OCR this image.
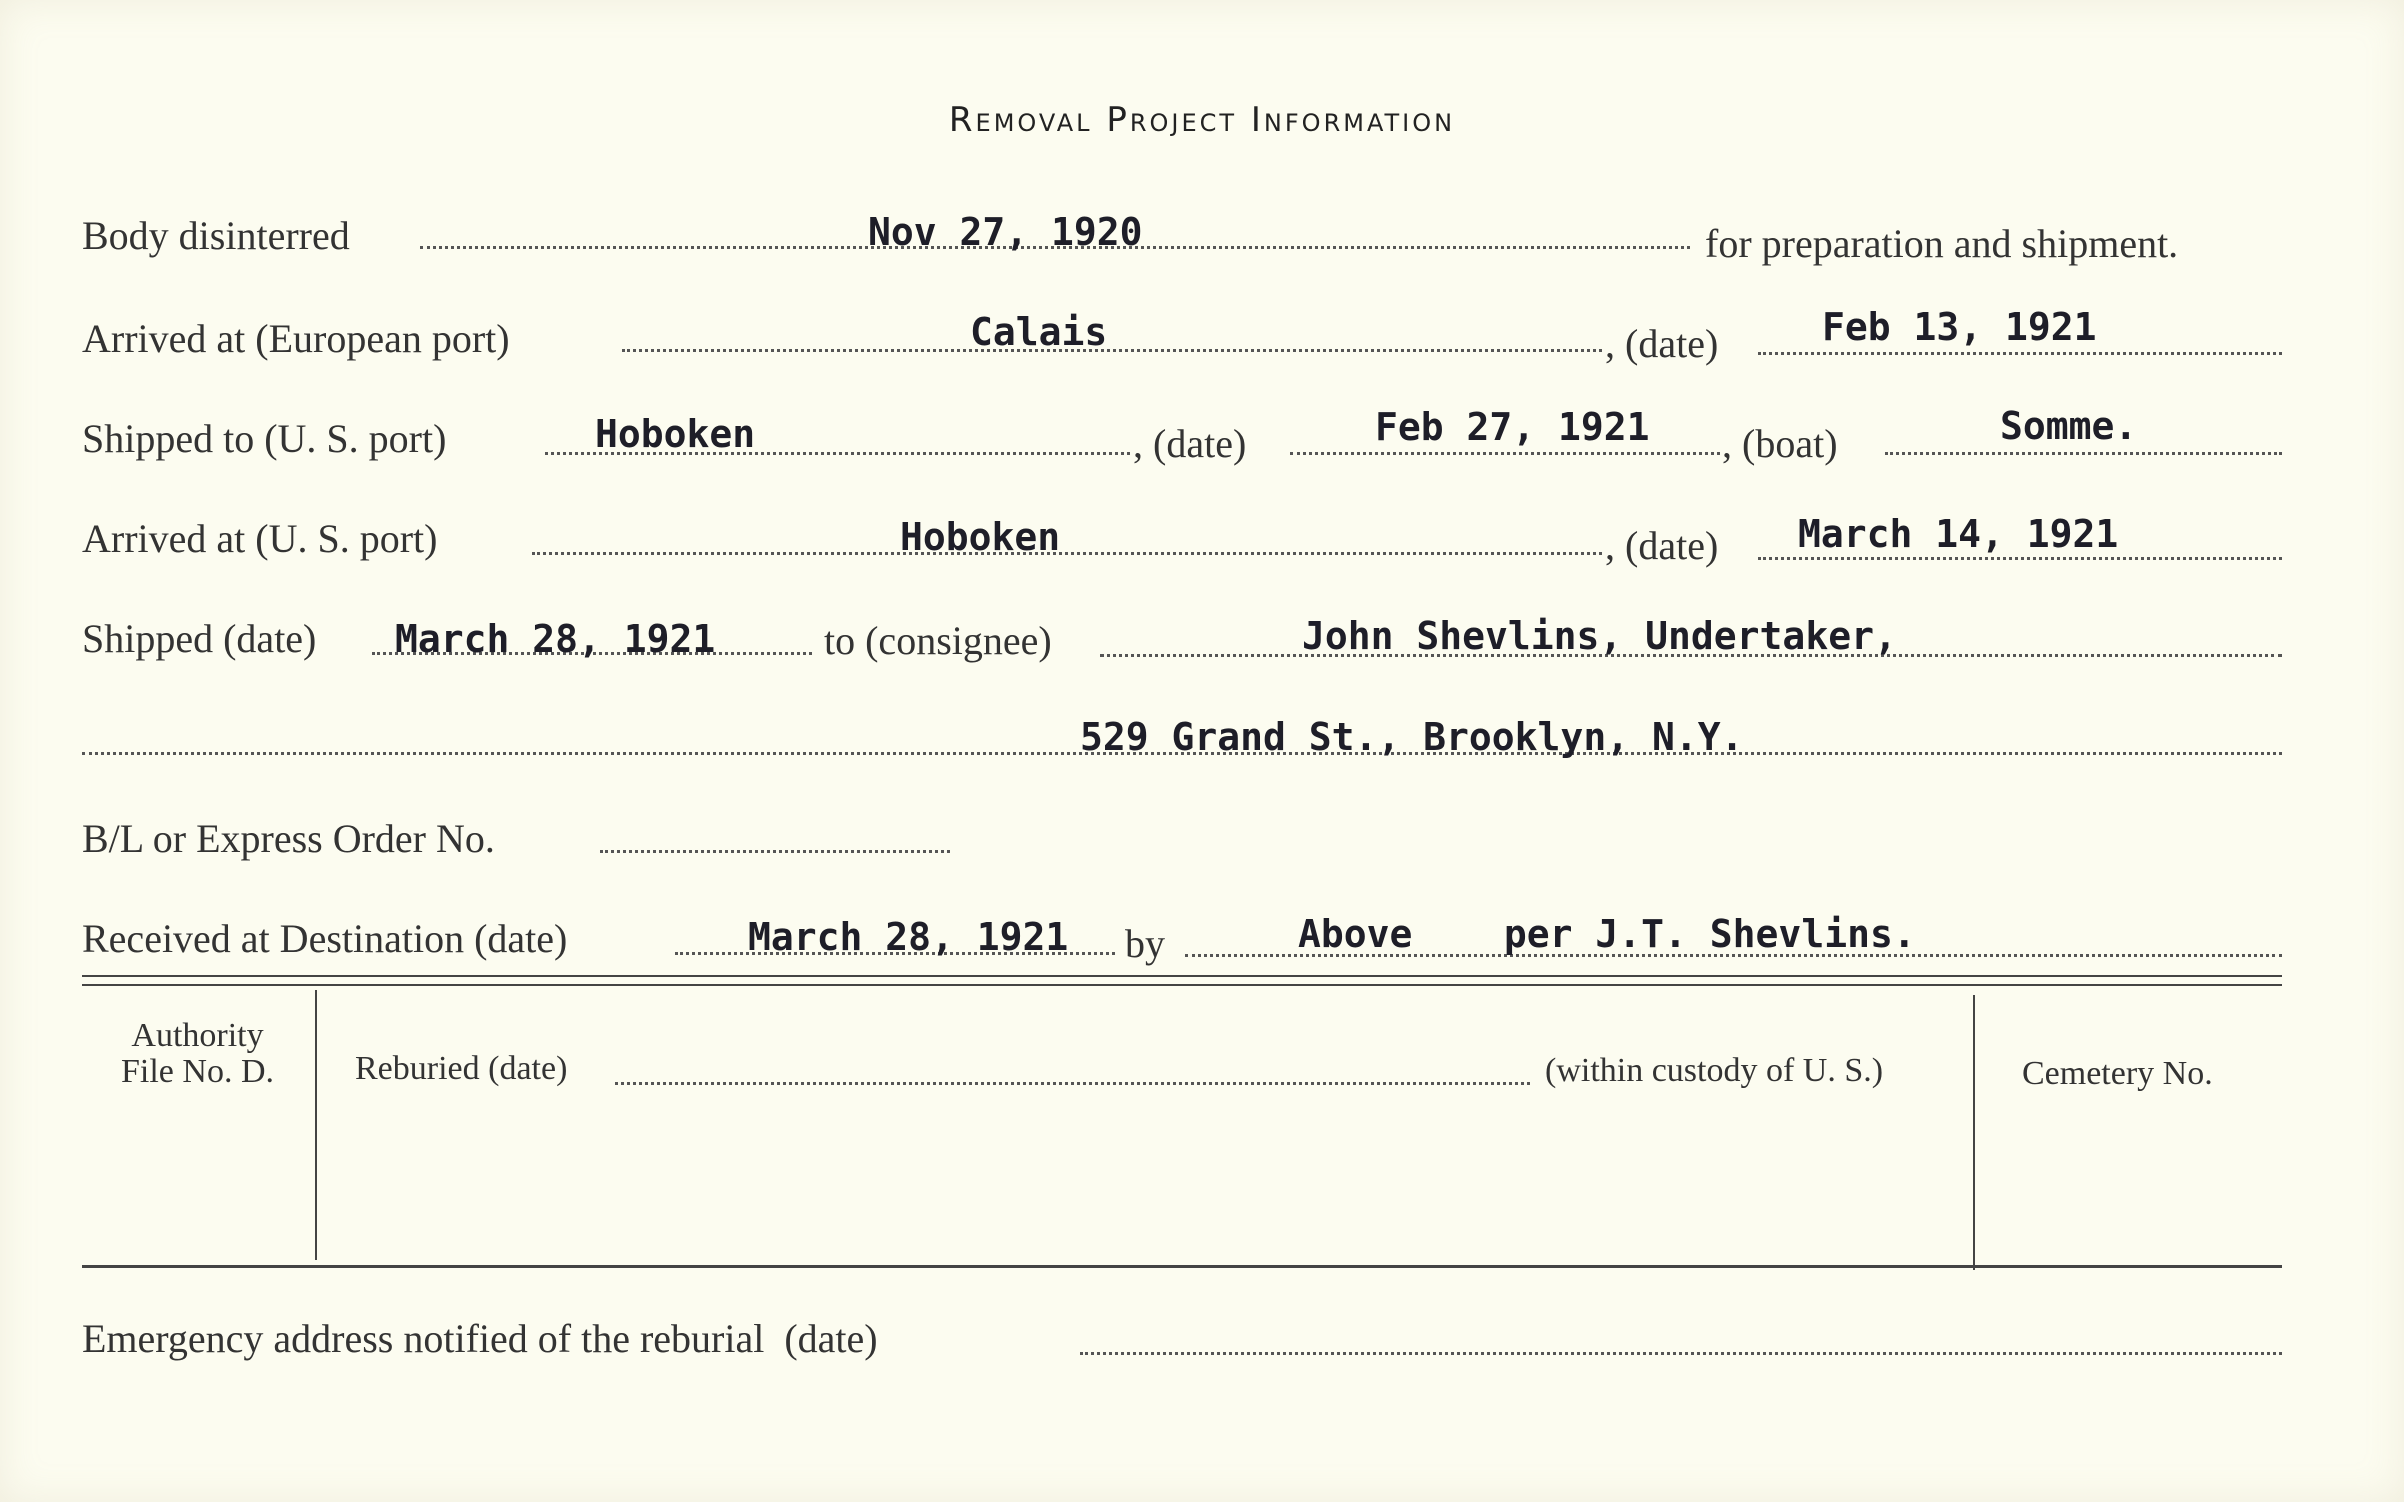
Removal Project Information
Body disinterred	Nov 27, 1920	for preparation and shipment.
Arrived at (European port)	Calais	, (date)	Feb 13, 1921
Shipped to (U. S. port)	Hoboken	, (date)	Feb 27, 1921 , (boat)	Somme.
Arrived at (U. S. port)	Hoboken	, (date) March 14, 1921
Shipped (date) March 28, 1921	to (consignee)	John Shevlins, Undertaker,
529 Grand St., Brooklyn, N.Y.
B/L or Express Order No.
Received at Destination (date)	March 28, 1921 by	Above    per J.T. Shevlins.
Authority
File No. D.	Reburied (date)	(within custody of U. S.)	Cemetery No.
Emergency address notified of the reburial  (date)
